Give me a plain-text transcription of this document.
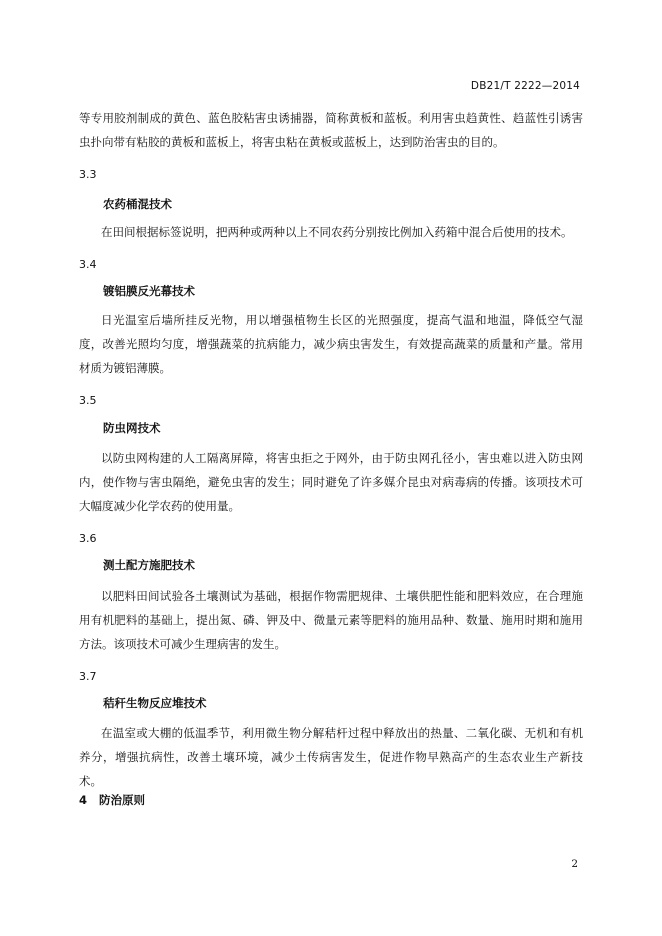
DB21/T 2222—2014
等专用胶剂制成的黄色、蓝色胶粘害虫诱捕器，简称黄板和蓝板。利用害虫趋黄性、趋蓝性引诱害虫扑向带有粘胶的黄板和蓝板上，将害虫粘在黄板或蓝板上，达到防治害虫的目的。
3.3
农药桶混技术
在田间根据标签说明，把两种或两种以上不同农药分别按比例加入药箱中混合后使用的技术。
3.4
镀铝膜反光幕技术
日光温室后墙所挂反光物，用以增强植物生长区的光照强度，提高气温和地温，降低空气湿度，改善光照均匀度，增强蔬菜的抗病能力，减少病虫害发生，有效提高蔬菜的质量和产量。常用材质为镀铝薄膜。
3.5
防虫网技术
以防虫网构建的人工隔离屏障，将害虫拒之于网外，由于防虫网孔径小，害虫难以进入防虫网内，使作物与害虫隔绝，避免虫害的发生；同时避免了许多媒介昆虫对病毒病的传播。该项技术可大幅度减少化学农药的使用量。
3.6
测土配方施肥技术
以肥料田间试验各土壤测试为基础，根据作物需肥规律、土壤供肥性能和肥料效应，在合理施用有机肥料的基础上，提出氮、磷、钾及中、微量元素等肥料的施用品种、数量、施用时期和施用方法。该项技术可减少生理病害的发生。
3.7
秸秆生物反应堆技术
在温室或大棚的低温季节，利用微生物分解秸杆过程中释放出的热量、二氧化碳、无机和有机养分，增强抗病性，改善土壤环境，减少土传病害发生，促进作物早熟高产的生态农业生产新技术。
4 防治原则
2
